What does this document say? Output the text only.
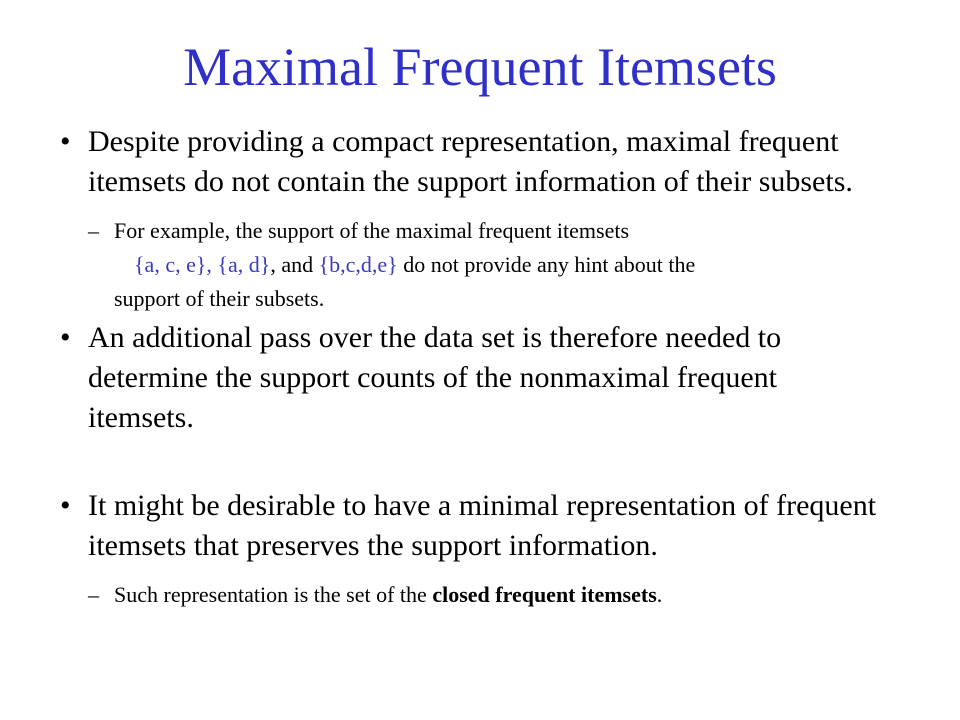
Maximal Frequent Itemsets
• Despite providing a compact representation, maximal frequent itemsets do not contain the support information of their subsets.
– For example, the support of the maximal frequent itemsets
{a, c, e}, {a, d}, and {b,c,d,e} do not provide any hint about the
support of their subsets.
• An additional pass over the data set is therefore needed to determine the support counts of the nonmaximal frequent itemsets.
• It might be desirable to have a minimal representation of frequent itemsets that preserves the support information.
– Such representation is the set of the closed frequent itemsets.
